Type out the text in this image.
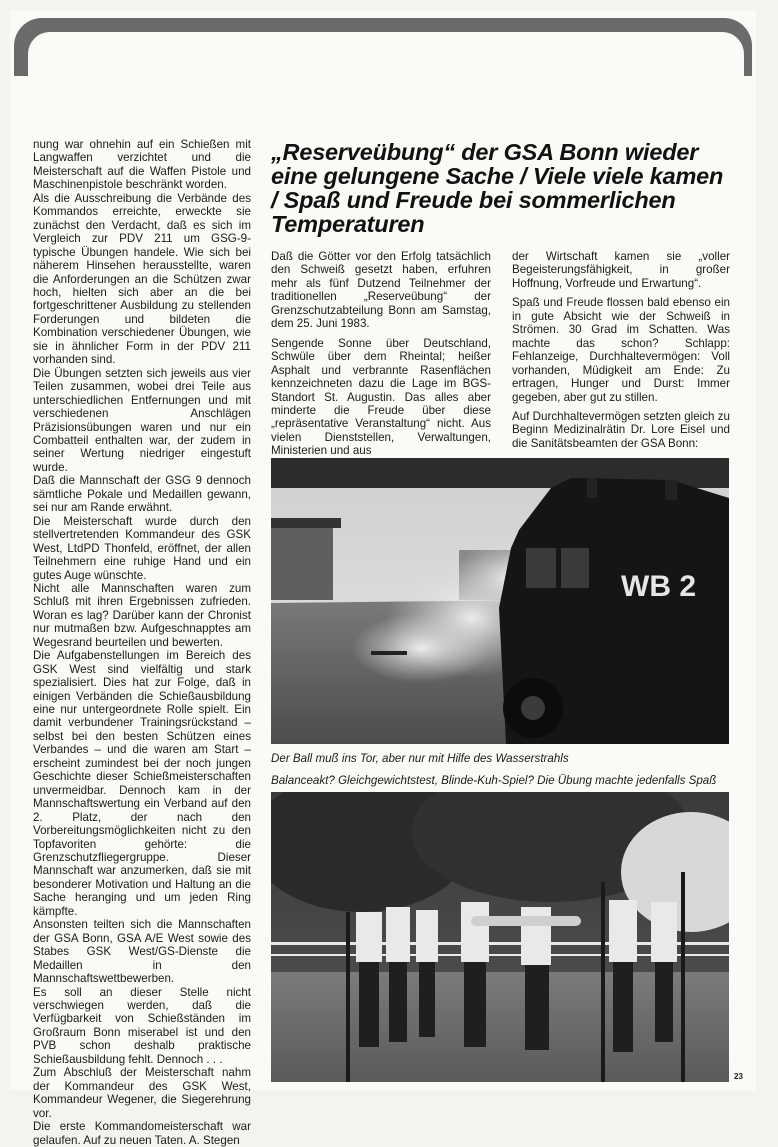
nung war ohnehin auf ein Schießen mit Langwaffen verzichtet und die Meisterschaft auf die Waffen Pistole und Maschinenpistole beschränkt worden.

Als die Ausschreibung die Verbände des Kommandos erreichte, erweckte sie zunächst den Verdacht, daß es sich im Vergleich zur PDV 211 um GSG-9-typische Übungen handele. Wie sich bei näherem Hinsehen herausstellte, waren die Anforderungen an die Schützen zwar hoch, hielten sich aber an die bei fortgeschrittener Ausbildung zu stellenden Forderungen und bildeten die Kombination verschiedener Übungen, wie sie in ähnlicher Form in der PDV 211 vorhanden sind.

Die Übungen setzten sich jeweils aus vier Teilen zusammen, wobei drei Teile aus unterschiedlichen Entfernungen und mit verschiedenen Anschlägen Präzisionsübungen waren und nur ein Combatteil enthalten war, der zudem in seiner Wertung niedriger eingestuft wurde.

Daß die Mannschaft der GSG 9 dennoch sämtliche Pokale und Medaillen gewann, sei nur am Rande erwähnt.

Die Meisterschaft wurde durch den stellvertretenden Kommandeur des GSK West, LtdPD Thonfeld, eröffnet, der allen Teilnehmern eine ruhige Hand und ein gutes Auge wünschte.

Nicht alle Mannschaften waren zum Schluß mit ihren Ergebnissen zufrieden. Woran es lag? Darüber kann der Chronist nur mutmaßen bzw. Aufgeschnapptes am Wegesrand beurteilen und bewerten.

Die Aufgabenstellungen im Bereich des GSK West sind vielfältig und stark spezialisiert. Dies hat zur Folge, daß in einigen Verbänden die Schießausbildung eine nur untergeordnete Rolle spielt. Ein damit verbundener Trainingsrückstand – selbst bei den besten Schützen eines Verbandes – und die waren am Start – erscheint zumindest bei der noch jungen Geschichte dieser Schießmeisterschaften unvermeidbar. Dennoch kam in der Mannschaftswertung ein Verband auf den 2. Platz, der nach den Vorbereitungsmöglichkeiten nicht zu den Topfavoriten gehörte: die Grenzschutzfliegergruppe. Dieser Mannschaft war anzumerken, daß sie mit besonderer Motivation und Haltung an die Sache heranging und um jeden Ring kämpfte.

Ansonsten teilten sich die Mannschaften der GSA Bonn, GSA A/E West sowie des Stabes GSK West/GS-Dienste die Medaillen in den Mannschaftswettbewerben.

Es soll an dieser Stelle nicht verschwiegen werden, daß die Verfügbarkeit von Schießständen im Großraum Bonn miserabel ist und den PVB schon deshalb praktische Schießausbildung fehlt. Dennoch . . .

Zum Abschluß der Meisterschaft nahm der Kommandeur des GSK West, Kommandeur Wegener, die Siegerehrung vor.

Die erste Kommandomeisterschaft war gelaufen. Auf zu neuen Taten. A. Stegen

„Reserveübung“ der GSA Bonn wieder eine gelungene Sache / Viele viele kamen / Spaß und Freude bei sommerlichen Temperaturen

Daß die Götter vor den Erfolg tatsächlich den Schweiß gesetzt haben, erfuhren mehr als fünf Dutzend Teilnehmer der traditionellen „Reserveübung“ der Grenzschutzabteilung Bonn am Samstag, dem 25. Juni 1983.

Sengende Sonne über Deutschland, Schwüle über dem Rheintal; heißer Asphalt und verbrannte Rasenflächen kennzeichneten dazu die Lage im BGS-Standort St. Augustin. Das alles aber minderte die Freude über diese „repräsentative Veranstaltung“ nicht. Aus vielen Dienststellen, Verwaltungen, Ministerien und aus

der Wirtschaft kamen sie „voller Begeisterungsfähigkeit, in großer Hoffnung, Vorfreude und Erwartung“.

Spaß und Freude flossen bald ebenso ein in gute Absicht wie der Schweiß in Strömen. 30 Grad im Schatten. Was machte das schon? Schlapp: Fehlanzeige, Durchhaltevermögen: Voll vorhanden, Müdigkeit am Ende: Zu ertragen, Hunger und Durst: Immer gegeben, aber gut zu stillen.

Auf Durchhaltevermögen setzten gleich zu Beginn Medizinalrätin Dr. Lore Eisel und die Sanitätsbeamten der GSA Bonn:

WB 2
Der Ball muß ins Tor, aber nur mit Hilfe des Wasserstrahls
Balanceakt? Gleichgewichtstest, Blinde-Kuh-Spiel? Die Übung machte jedenfalls Spaß
23
